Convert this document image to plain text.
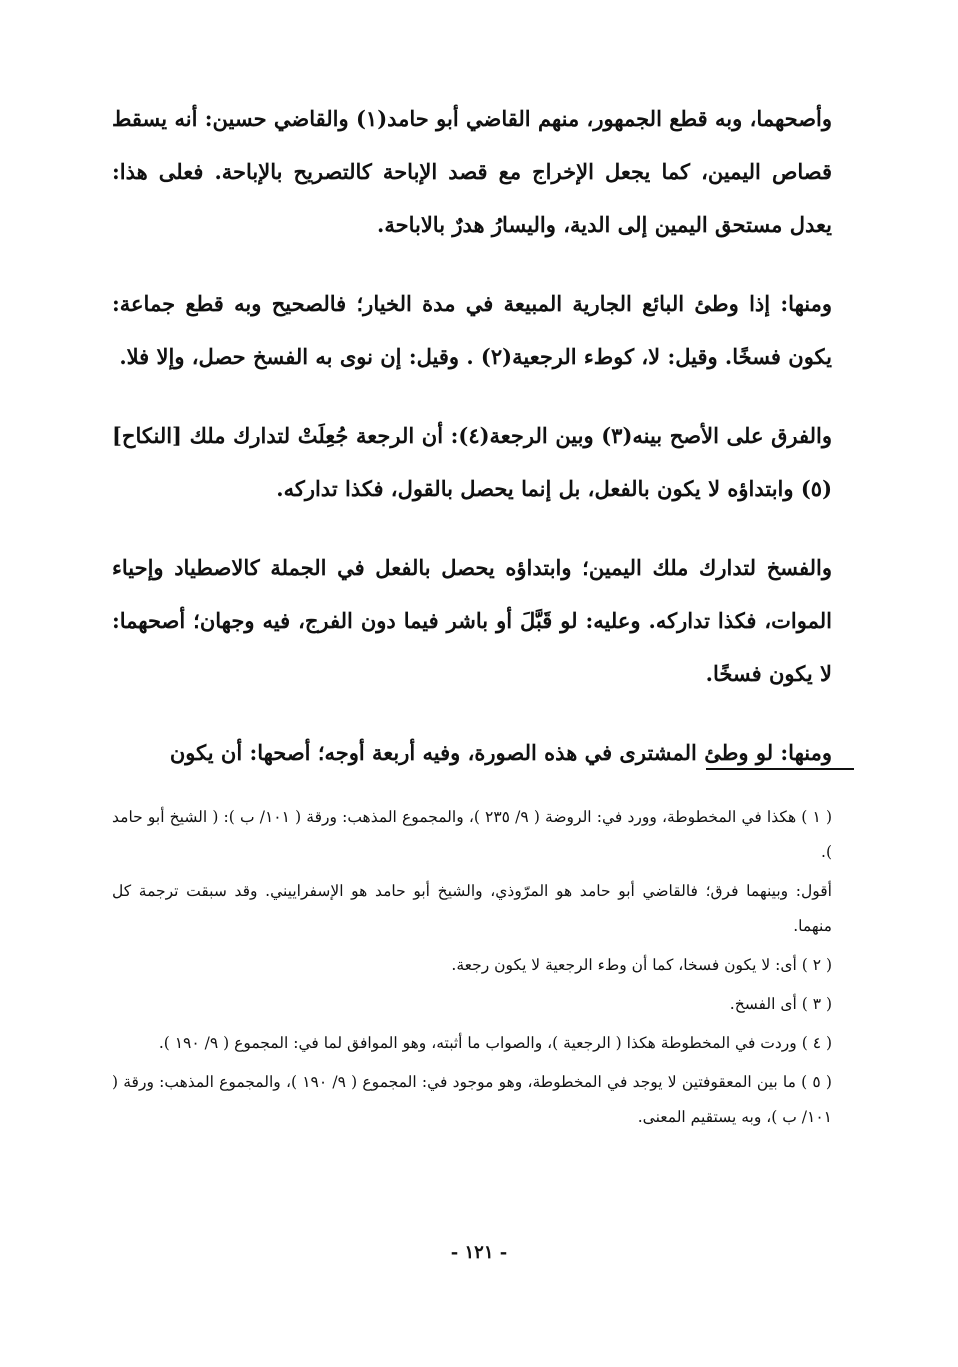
وأصحهما، وبه قطع الجمهور، منهم القاضي أبو حامد(١) والقاضي حسين: أنه يسقط قصاص اليمين، كما يجعل الإخراج مع قصد الإباحة كالتصريح بالإباحة. فعلى هذا: يعدل مستحق اليمين إلى الدية، واليسارُ هدرٌ بالاباحة.

ومنها: إذا وطئ البائع الجارية المبيعة في مدة الخيار؛ فالصحيح وبه قطع جماعة: يكون فسخًا. وقيل: لا، كوطء الرجعية(٢) . وقيل: إن نوى به الفسخ حصل، وإلا فلا.

والفرق على الأصح بينه(٣) وبين الرجعة(٤): أن الرجعة جُعِلَتْ لتدارك ملك [النكاح](٥) وابتداؤه لا يكون بالفعل، بل إنما يحصل بالقول، فكذا تداركه.

والفسخ لتدارك ملك اليمين؛ وابتداؤه يحصل بالفعل في الجملة كالاصطياد وإحياء الموات، فكذا تداركه. وعليه: لو قَبَّلَ أو باشر فيما دون الفرج، فيه وجهان؛ أصحهما: لا يكون فسخًا.

ومنها: لو وطئ المشترى في هذه الصورة، وفيه أربعة أوجه؛ أصحها: أن يكون

( ١ ) هكذا في المخطوطة، وورد في: الروضة ( ٩/ ٢٣٥ )، والمجموع المذهب: ورقة ( ١٠١/ ب ): ( الشيخ أبو حامد ).

أقول: وبينهما فرق؛ فالقاضي أبو حامد هو المرّوذي، والشيخ أبو حامد هو الإسفراييني. وقد سبقت ترجمة كل منهما.

( ٢ ) أى: لا يكون فسخا، كما أن وطء الرجعية لا يكون رجعة.

( ٣ ) أى الفسخ.

( ٤ ) وردت في المخطوطة هكذا ( الرجعية )، والصواب ما أثبته، وهو الموافق لما في: المجموع ( ٩/ ١٩٠ ).

( ٥ ) ما بين المعقوفتين لا يوجد في المخطوطة، وهو موجود في: المجموع ( ٩/ ١٩٠ )، والمجموع المذهب: ورقة ( ١٠١/ ب )، وبه يستقيم المعنى.

- ١٢١ -
